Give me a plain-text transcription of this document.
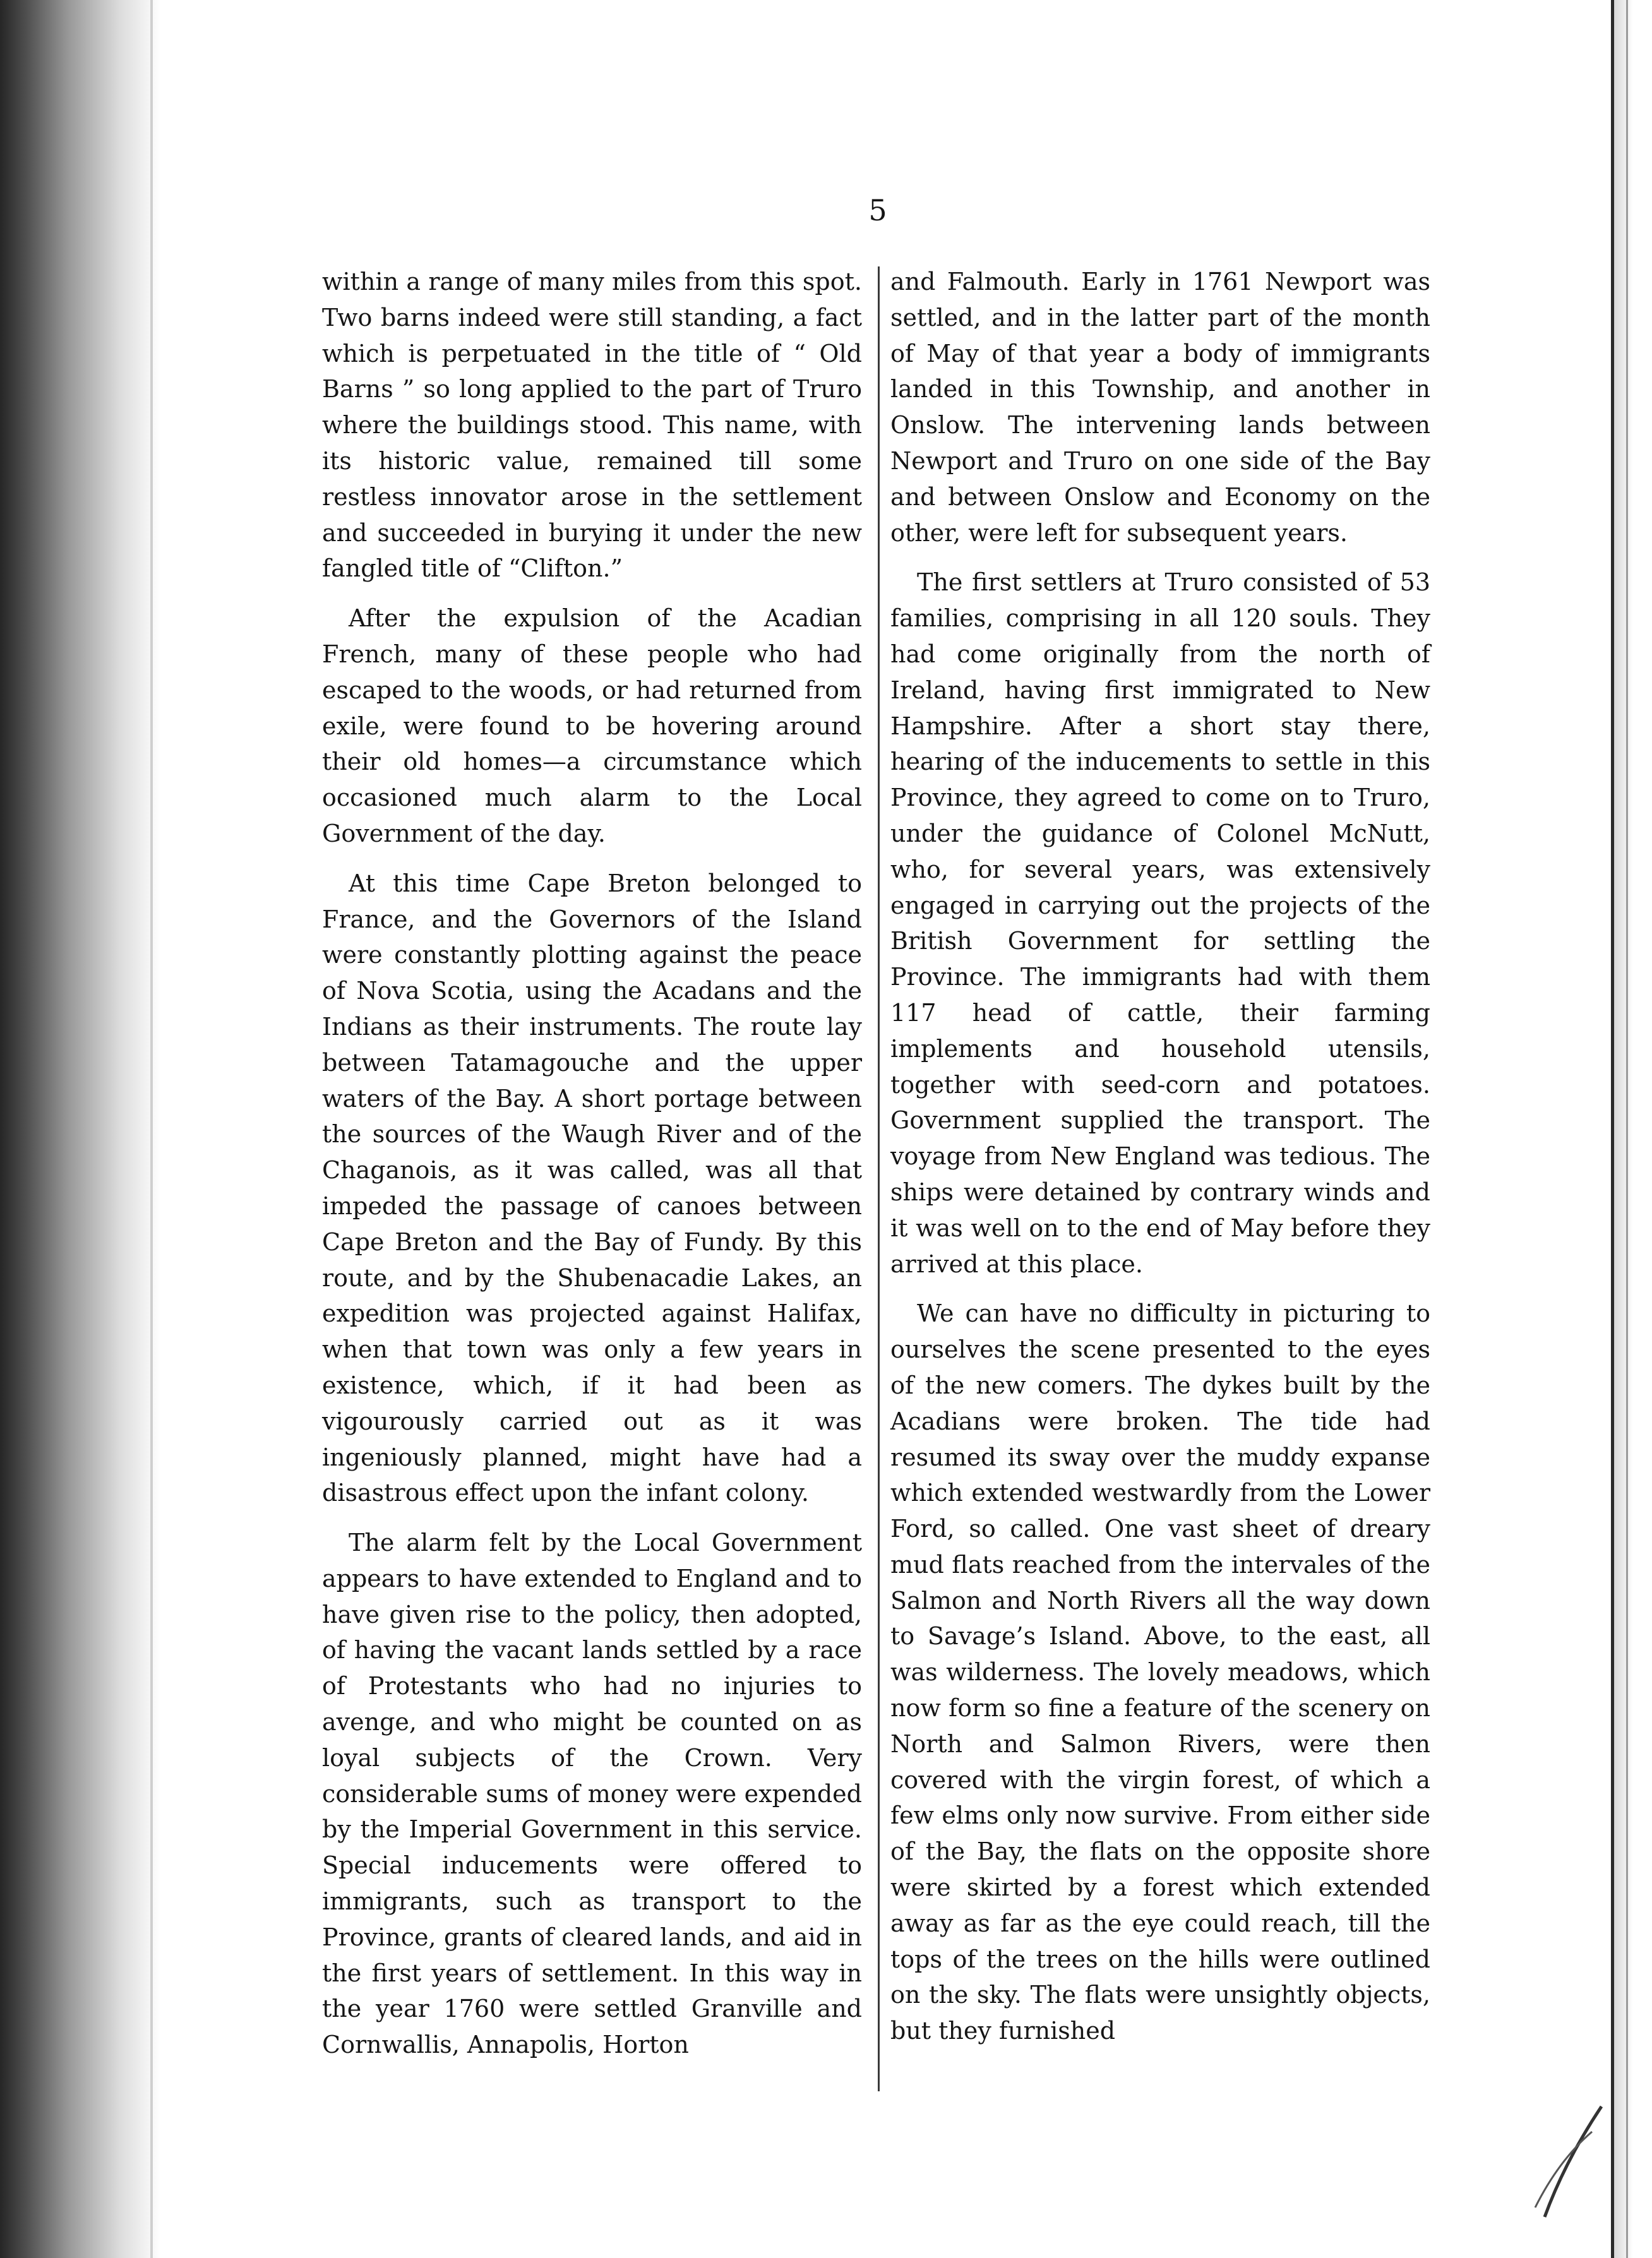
5

within a range of many miles from this spot. Two barns indeed were still standing, a fact which is perpetuated in the title of “ Old Barns ” so long applied to the part of Truro where the buildings stood. This name, with its historic value, remained till some restless innovator arose in the settlement and succeeded in burying it under the new fangled title of “Clifton.”

After the expulsion of the Acadian French, many of these people who had escaped to the woods, or had returned from exile, were found to be hovering around their old homes—a circumstance which occasioned much alarm to the Local Government of the day.

At this time Cape Breton belonged to France, and the Governors of the Island were constantly plotting against the peace of Nova Scotia, using the Acadans and the Indians as their instruments. The route lay between Tatamagouche and the upper waters of the Bay. A short portage between the sources of the Waugh River and of the Chaganois, as it was called, was all that impeded the passage of canoes between Cape Breton and the Bay of Fundy. By this route, and by the Shubenacadie Lakes, an expedition was projected against Halifax, when that town was only a few years in existence, which, if it had been as vigourously carried out as it was ingeniously planned, might have had a disastrous effect upon the infant colony.

The alarm felt by the Local Government appears to have extended to England and to have given rise to the policy, then adopted, of having the vacant lands settled by a race of Protestants who had no injuries to avenge, and who might be counted on as loyal subjects of the Crown. Very considerable sums of money were expended by the Imperial Government in this service. Special inducements were offered to immigrants, such as transport to the Province, grants of cleared lands, and aid in the first years of settlement. In this way in the year 1760 were settled Granville and Cornwallis, Annapolis, Horton

and Falmouth. Early in 1761 Newport was settled, and in the latter part of the month of May of that year a body of immigrants landed in this Township, and another in Onslow. The intervening lands between Newport and Truro on one side of the Bay and between Onslow and Economy on the other, were left for subsequent years.

The first settlers at Truro consisted of 53 families, comprising in all 120 souls. They had come originally from the north of Ireland, having first immigrated to New Hampshire. After a short stay there, hearing of the inducements to settle in this Province, they agreed to come on to Truro, under the guidance of Colonel McNutt, who, for several years, was extensively engaged in carrying out the projects of the British Government for settling the Province. The immigrants had with them 117 head of cattle, their farming implements and household utensils, together with seed-corn and potatoes. Government supplied the transport. The voyage from New England was tedious. The ships were detained by contrary winds and it was well on to the end of May before they arrived at this place.

We can have no difficulty in picturing to ourselves the scene presented to the eyes of the new comers. The dykes built by the Acadians were broken. The tide had resumed its sway over the muddy expanse which extended westwardly from the Lower Ford, so called. One vast sheet of dreary mud flats reached from the intervales of the Salmon and North Rivers all the way down to Savage’s Island. Above, to the east, all was wilderness. The lovely meadows, which now form so fine a feature of the scenery on North and Salmon Rivers, were then covered with the virgin forest, of which a few elms only now survive. From either side of the Bay, the flats on the opposite shore were skirted by a forest which extended away as far as the eye could reach, till the tops of the trees on the hills were outlined on the sky. The flats were unsightly objects, but they furnished
